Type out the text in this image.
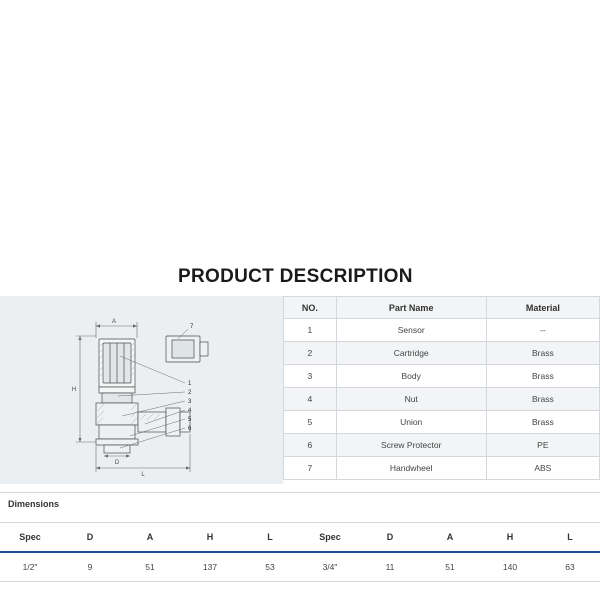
PRODUCT DESCRIPTION
A
H
7
1
2
3
4
5
6
D
L
NO.	Part Name	Material
1	Sensor	--
2	Cartridge	Brass
3	Body	Brass
4	Nut	Brass
5	Union	Brass
6	Screw Protector	PE
7	Handwheel	ABS
Dimensions
Spec	D	A	H	L	Spec	D	A	H	L
1/2"	9	51	137	53	3/4"	11	51	140	63
